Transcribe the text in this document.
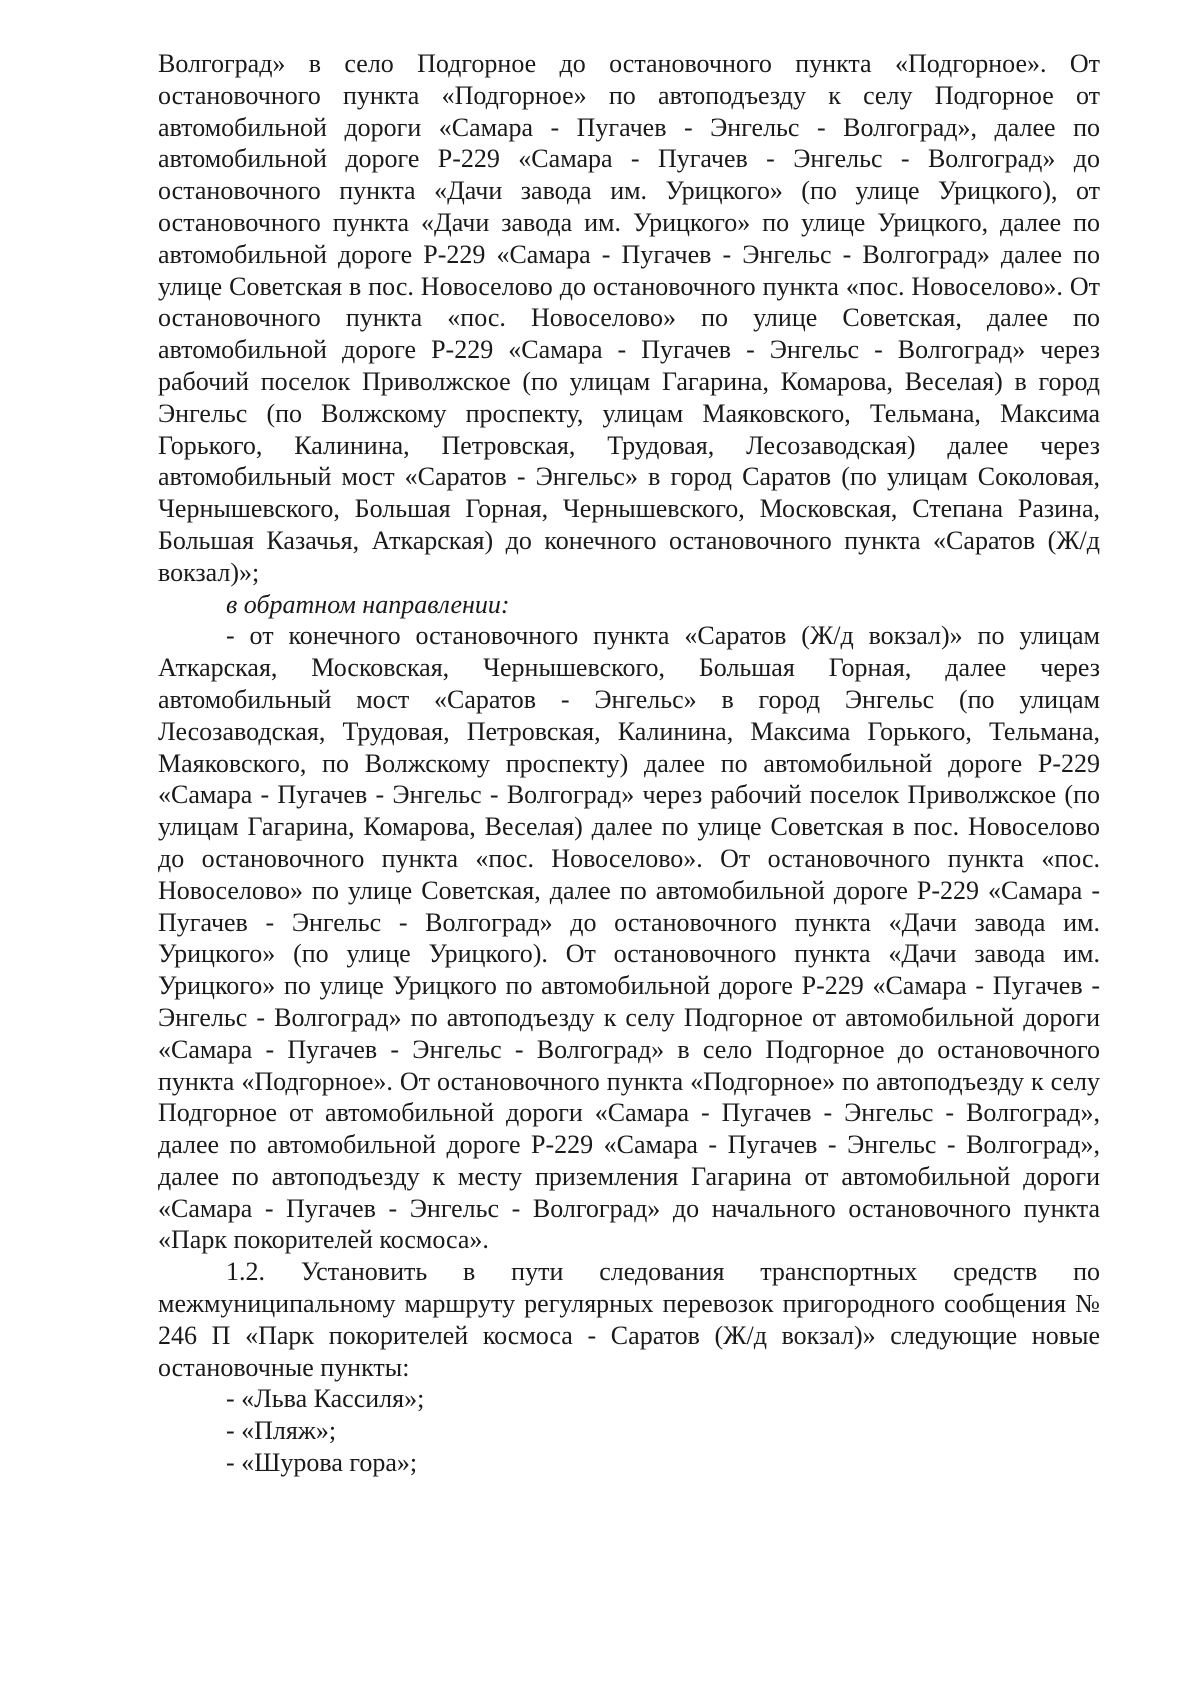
Волгоград» в село Подгорное до остановочного пункта «Подгорное». От остановочного пункта «Подгорное» по автоподъезду к селу Подгорное от автомобильной дороги «Самара - Пугачев - Энгельс - Волгоград», далее по автомобильной дороге Р-229 «Самара - Пугачев - Энгельс - Волгоград» до остановочного пункта «Дачи завода им. Урицкого» (по улице Урицкого), от остановочного пункта «Дачи завода им. Урицкого» по улице Урицкого, далее по автомобильной дороге Р-229 «Самара - Пугачев - Энгельс - Волгоград» далее по улице Советская в пос. Новоселово до остановочного пункта «пос. Новоселово». От остановочного пункта «пос. Новоселово» по улице Советская, далее по автомобильной дороге Р-229 «Самара - Пугачев - Энгельс - Волгоград» через рабочий поселок Приволжское (по улицам Гагарина, Комарова, Веселая) в город Энгельс (по Волжскому проспекту, улицам Маяковского, Тельмана, Максима Горького, Калинина, Петровская, Трудовая, Лесозаводская) далее через автомобильный мост «Саратов - Энгельс» в город Саратов (по улицам Соколовая, Чернышевского, Большая Горная, Чернышевского, Московская, Степана Разина, Большая Казачья, Аткарская) до конечного остановочного пункта «Саратов (Ж/д вокзал)»;

в обратном направлении:

- от конечного остановочного пункта «Саратов (Ж/д вокзал)» по улицам Аткарская, Московская, Чернышевского, Большая Горная, далее через автомобильный мост «Саратов - Энгельс» в город Энгельс (по улицам Лесозаводская, Трудовая, Петровская, Калинина, Максима Горького, Тельмана, Маяковского, по Волжскому проспекту) далее по автомобильной дороге Р-229 «Самара - Пугачев - Энгельс - Волгоград» через рабочий поселок Приволжское (по улицам Гагарина, Комарова, Веселая) далее по улице Советская в пос. Новоселово до остановочного пункта «пос. Новоселово». От остановочного пункта «пос. Новоселово» по улице Советская, далее по автомобильной дороге Р-229 «Самара - Пугачев - Энгельс - Волгоград» до остановочного пункта «Дачи завода им. Урицкого» (по улице Урицкого). От остановочного пункта «Дачи завода им. Урицкого» по улице Урицкого по автомобильной дороге Р-229 «Самара - Пугачев - Энгельс - Волгоград» по автоподъезду к селу Подгорное от автомобильной дороги «Самара - Пугачев - Энгельс - Волгоград» в село Подгорное до остановочного пункта «Подгорное». От остановочного пункта «Подгорное» по автоподъезду к селу Подгорное от автомобильной дороги «Самара - Пугачев - Энгельс - Волгоград», далее по автомобильной дороге Р-229 «Самара - Пугачев - Энгельс - Волгоград», далее по автоподъезду к месту приземления Гагарина от автомобильной дороги «Самара - Пугачев - Энгельс - Волгоград» до начального остановочного пункта «Парк покорителей космоса».

1.2. Установить в пути следования транспортных средств по межмуниципальному маршруту регулярных перевозок пригородного сообщения № 246 П «Парк покорителей космоса - Саратов (Ж/д вокзал)» следующие новые остановочные пункты:

- «Льва Кассиля»;
- «Пляж»;
- «Шурова гора»;
